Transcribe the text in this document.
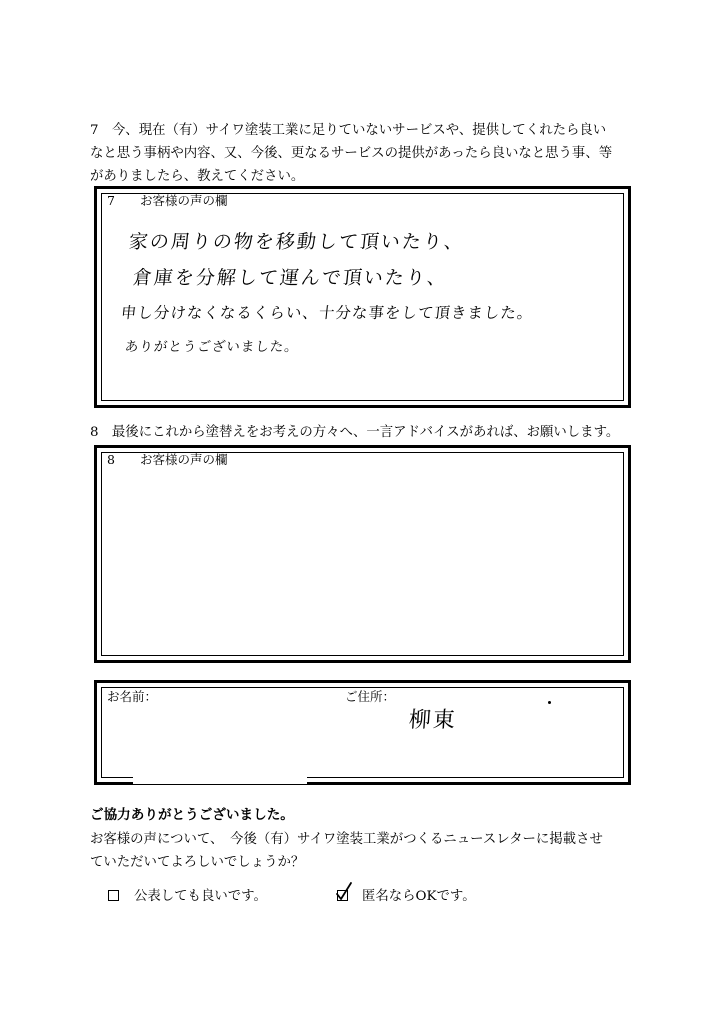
7　今、現在（有）サイワ塗装工業に足りていないサービスや、提供してくれたら良い
なと思う事柄や内容、又、今後、更なるサービスの提供があったら良いなと思う事、等
がありましたら、教えてください。
7　　お客様の声の欄
家の周りの物を移動して頂いたり、
倉庫を分解して運んで頂いたり、
申し分けなくなるくらい、十分な事をして頂きました。
ありがとうございました。
8　最後にこれから塗替えをお考えの方々へ、一言アドバイスがあれば、お願いします。
8　　お客様の声の欄
お名前：	ご住所：
柳東
ご協力ありがとうございました。
お客様の声について、　今後（有）サイワ塗装工業がつくるニュースレターに掲載させ
ていただいてよろしいでしょうか？
公表しても良いです。	匿名ならOKです。
